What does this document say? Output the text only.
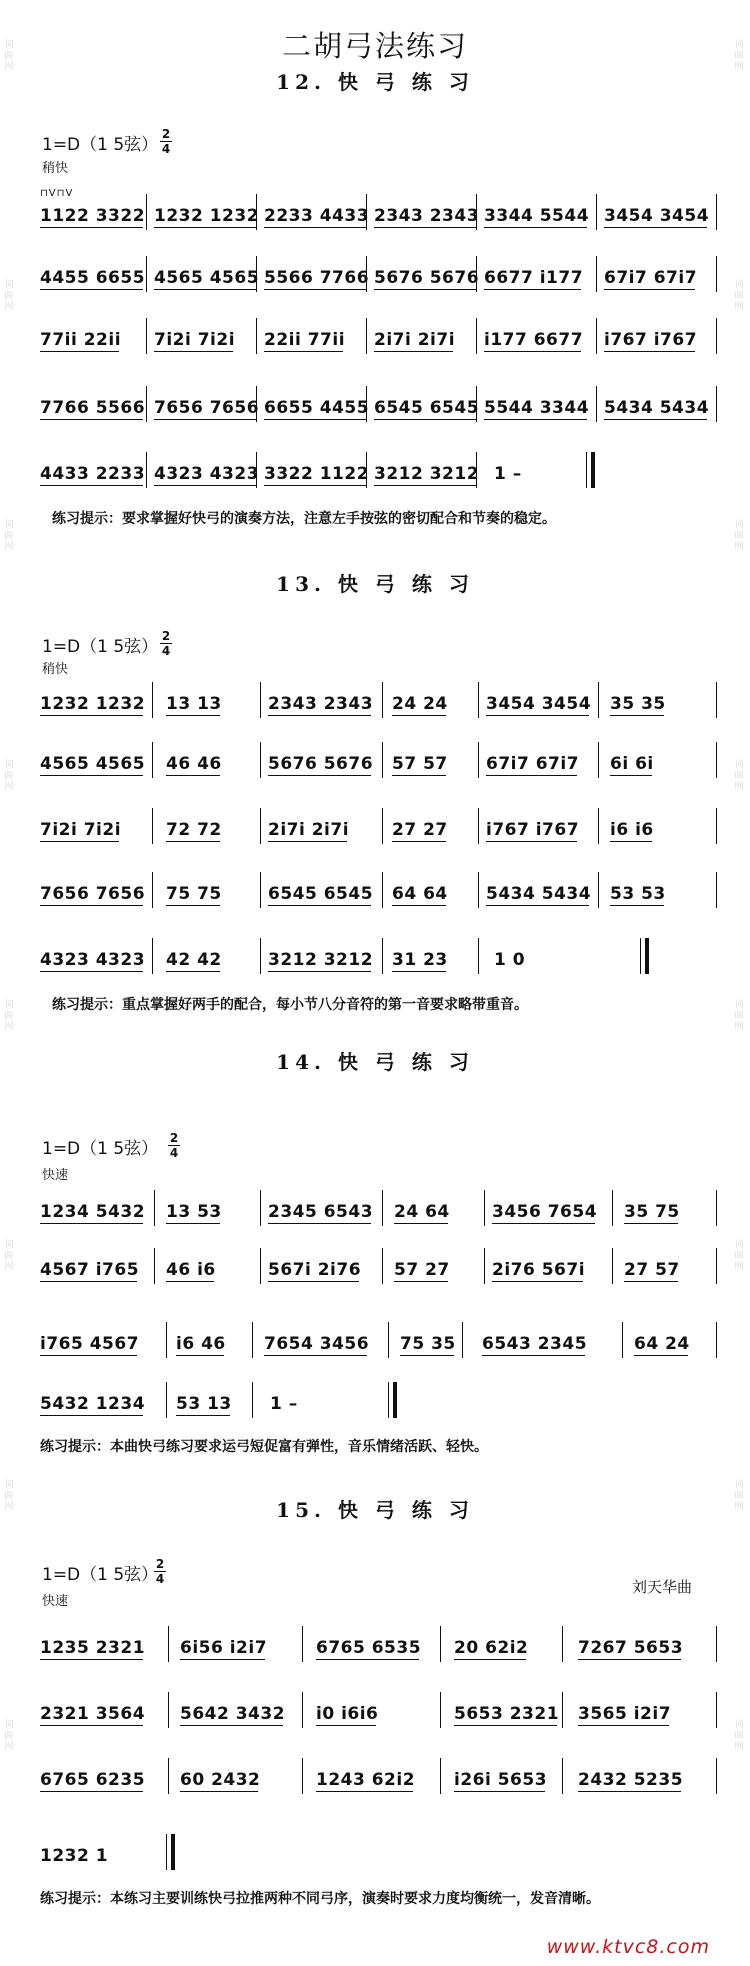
词
曲
网
词
曲
网
词
曲
网
词
曲
网
词
曲
网
词
曲
网
词
曲
网
词
曲
网
词
曲
网
词
曲
网
词
曲
网
词
曲
网
词
曲
网
词
曲
网
词
曲
网
词
曲
网
二胡弓法练习
12. 快 弓 练 习
1=D（1 5弦）
2
4
稍快
⊓V⊓V
1122 3322 1232 1232 2233 4433 2343 2343 3344 5544 3454 3454
4455 6655 4565 4565 5566 7766 5676 5676 6677 i177 67i7 67i7
77ii 22ii 7i2i 7i2i 22ii 77ii 2i7i 2i7i i177 6677 i767 i767
7766 5566 7656 7656 6655 4455 6545 6545 5544 3344 5434 5434
4433 2233 4323 4323 3322 1122 3212 3212 1 –
练习提示：要求掌握好快弓的演奏方法，注意左手按弦的密切配合和节奏的稳定。
13. 快 弓 练 习
1=D（1 5弦）
2
4
稍快
1232 1232 13 13	2343 2343 24 24 3454 3454 35 35
4565 4565 46 46	5676 5676 57 57 67i7 67i7 6i 6i
7i2i 7i2i	72 72	2i7i 2i7i	27 27 i767 i767 i6 i6
7656 7656 75 75	6545 6545 64 64 5434 5434 53 53
4323 4323 42 42	3212 3212 31 23	1 0
练习提示：重点掌握好两手的配合，每小节八分音符的第一音要求略带重音。
14. 快 弓 练 习
1=D（1 5弦）
2
4
快速
1234 5432 13 53	2345 6543 24 64 3456 7654 35 75
4567 i765 46 i6	567i 2i76 57 27 2i76 567i 27 57
i765 4567 i6 46 7654 3456 75 35 6543 2345	64 24
5432 1234 53 13 1 –
练习提示：本曲快弓练习要求运弓短促富有弹性，音乐情绪活跃、轻快。
15. 快 弓 练 习
1=D（1 5弦）
2
4
快速
刘天华曲
1235 2321 6i56 i2i7	6765 6535 20 62i2	7267 5653
2321 3564 5642 3432 i0 i6i6	5653 2321 3565 i2i7
6765 6235 60 2432	1243 62i2 i26i 5653 2432 5235
1232 1
练习提示：本练习主要训练快弓拉推两种不同弓序，演奏时要求力度均衡统一，发音清晰。
www.ktvc8.com
